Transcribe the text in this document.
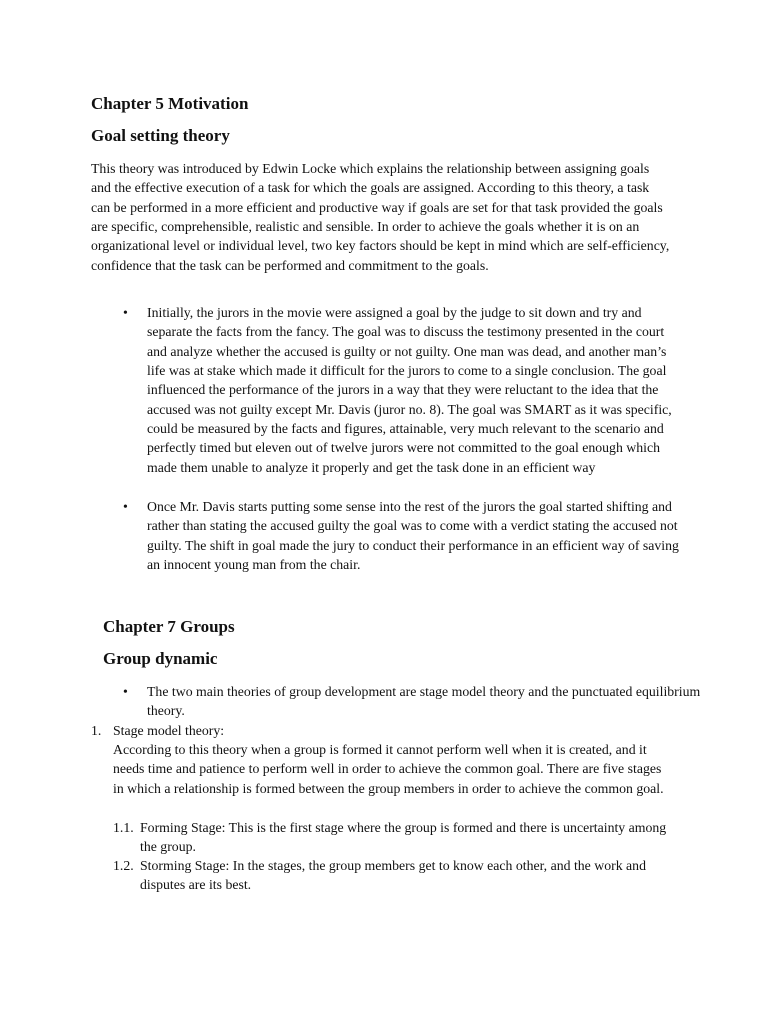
Chapter 5 Motivation
Goal setting theory

This theory was introduced by Edwin Locke which explains the relationship between assigning goals and the effective execution of a task for which the goals are assigned. According to this theory, a task can be performed in a more efficient and productive way if goals are set for that task provided the goals are specific, comprehensible, realistic and sensible. In order to achieve the goals whether it is on an organizational level or individual level, two key factors should be kept in mind which are self-efficiency, confidence that the task can be performed and commitment to the goals.

• Initially, the jurors in the movie were assigned a goal by the judge to sit down and try and separate the facts from the fancy. The goal was to discuss the testimony presented in the court and analyze whether the accused is guilty or not guilty. One man was dead, and another man’s life was at stake which made it difficult for the jurors to come to a single conclusion. The goal influenced the performance of the jurors in a way that they were reluctant to the idea that the accused was not guilty except Mr. Davis (juror no. 8). The goal was SMART as it was specific, could be measured by the facts and figures, attainable, very much relevant to the scenario and perfectly timed but eleven out of twelve jurors were not committed to the goal enough which made them unable to analyze it properly and get the task done in an efficient way

• Once Mr. Davis starts putting some sense into the rest of the jurors the goal started shifting and rather than stating the accused guilty the goal was to come with a verdict stating the accused not guilty. The shift in goal made the jury to conduct their performance in an efficient way of saving an innocent young man from the chair.

Chapter 7 Groups
Group dynamic
• The two main theories of group development are stage model theory and the punctuated equilibrium theory.

1. Stage model theory:

According to this theory when a group is formed it cannot perform well when it is created, and it needs time and patience to perform well in order to achieve the common goal. There are five stages in which a relationship is formed between the group members in order to achieve the common goal.

1.1. Forming Stage: This is the first stage where the group is formed and there is uncertainty among the group.

1.2. Storming Stage: In the stages, the group members get to know each other, and the work and disputes are its best.
